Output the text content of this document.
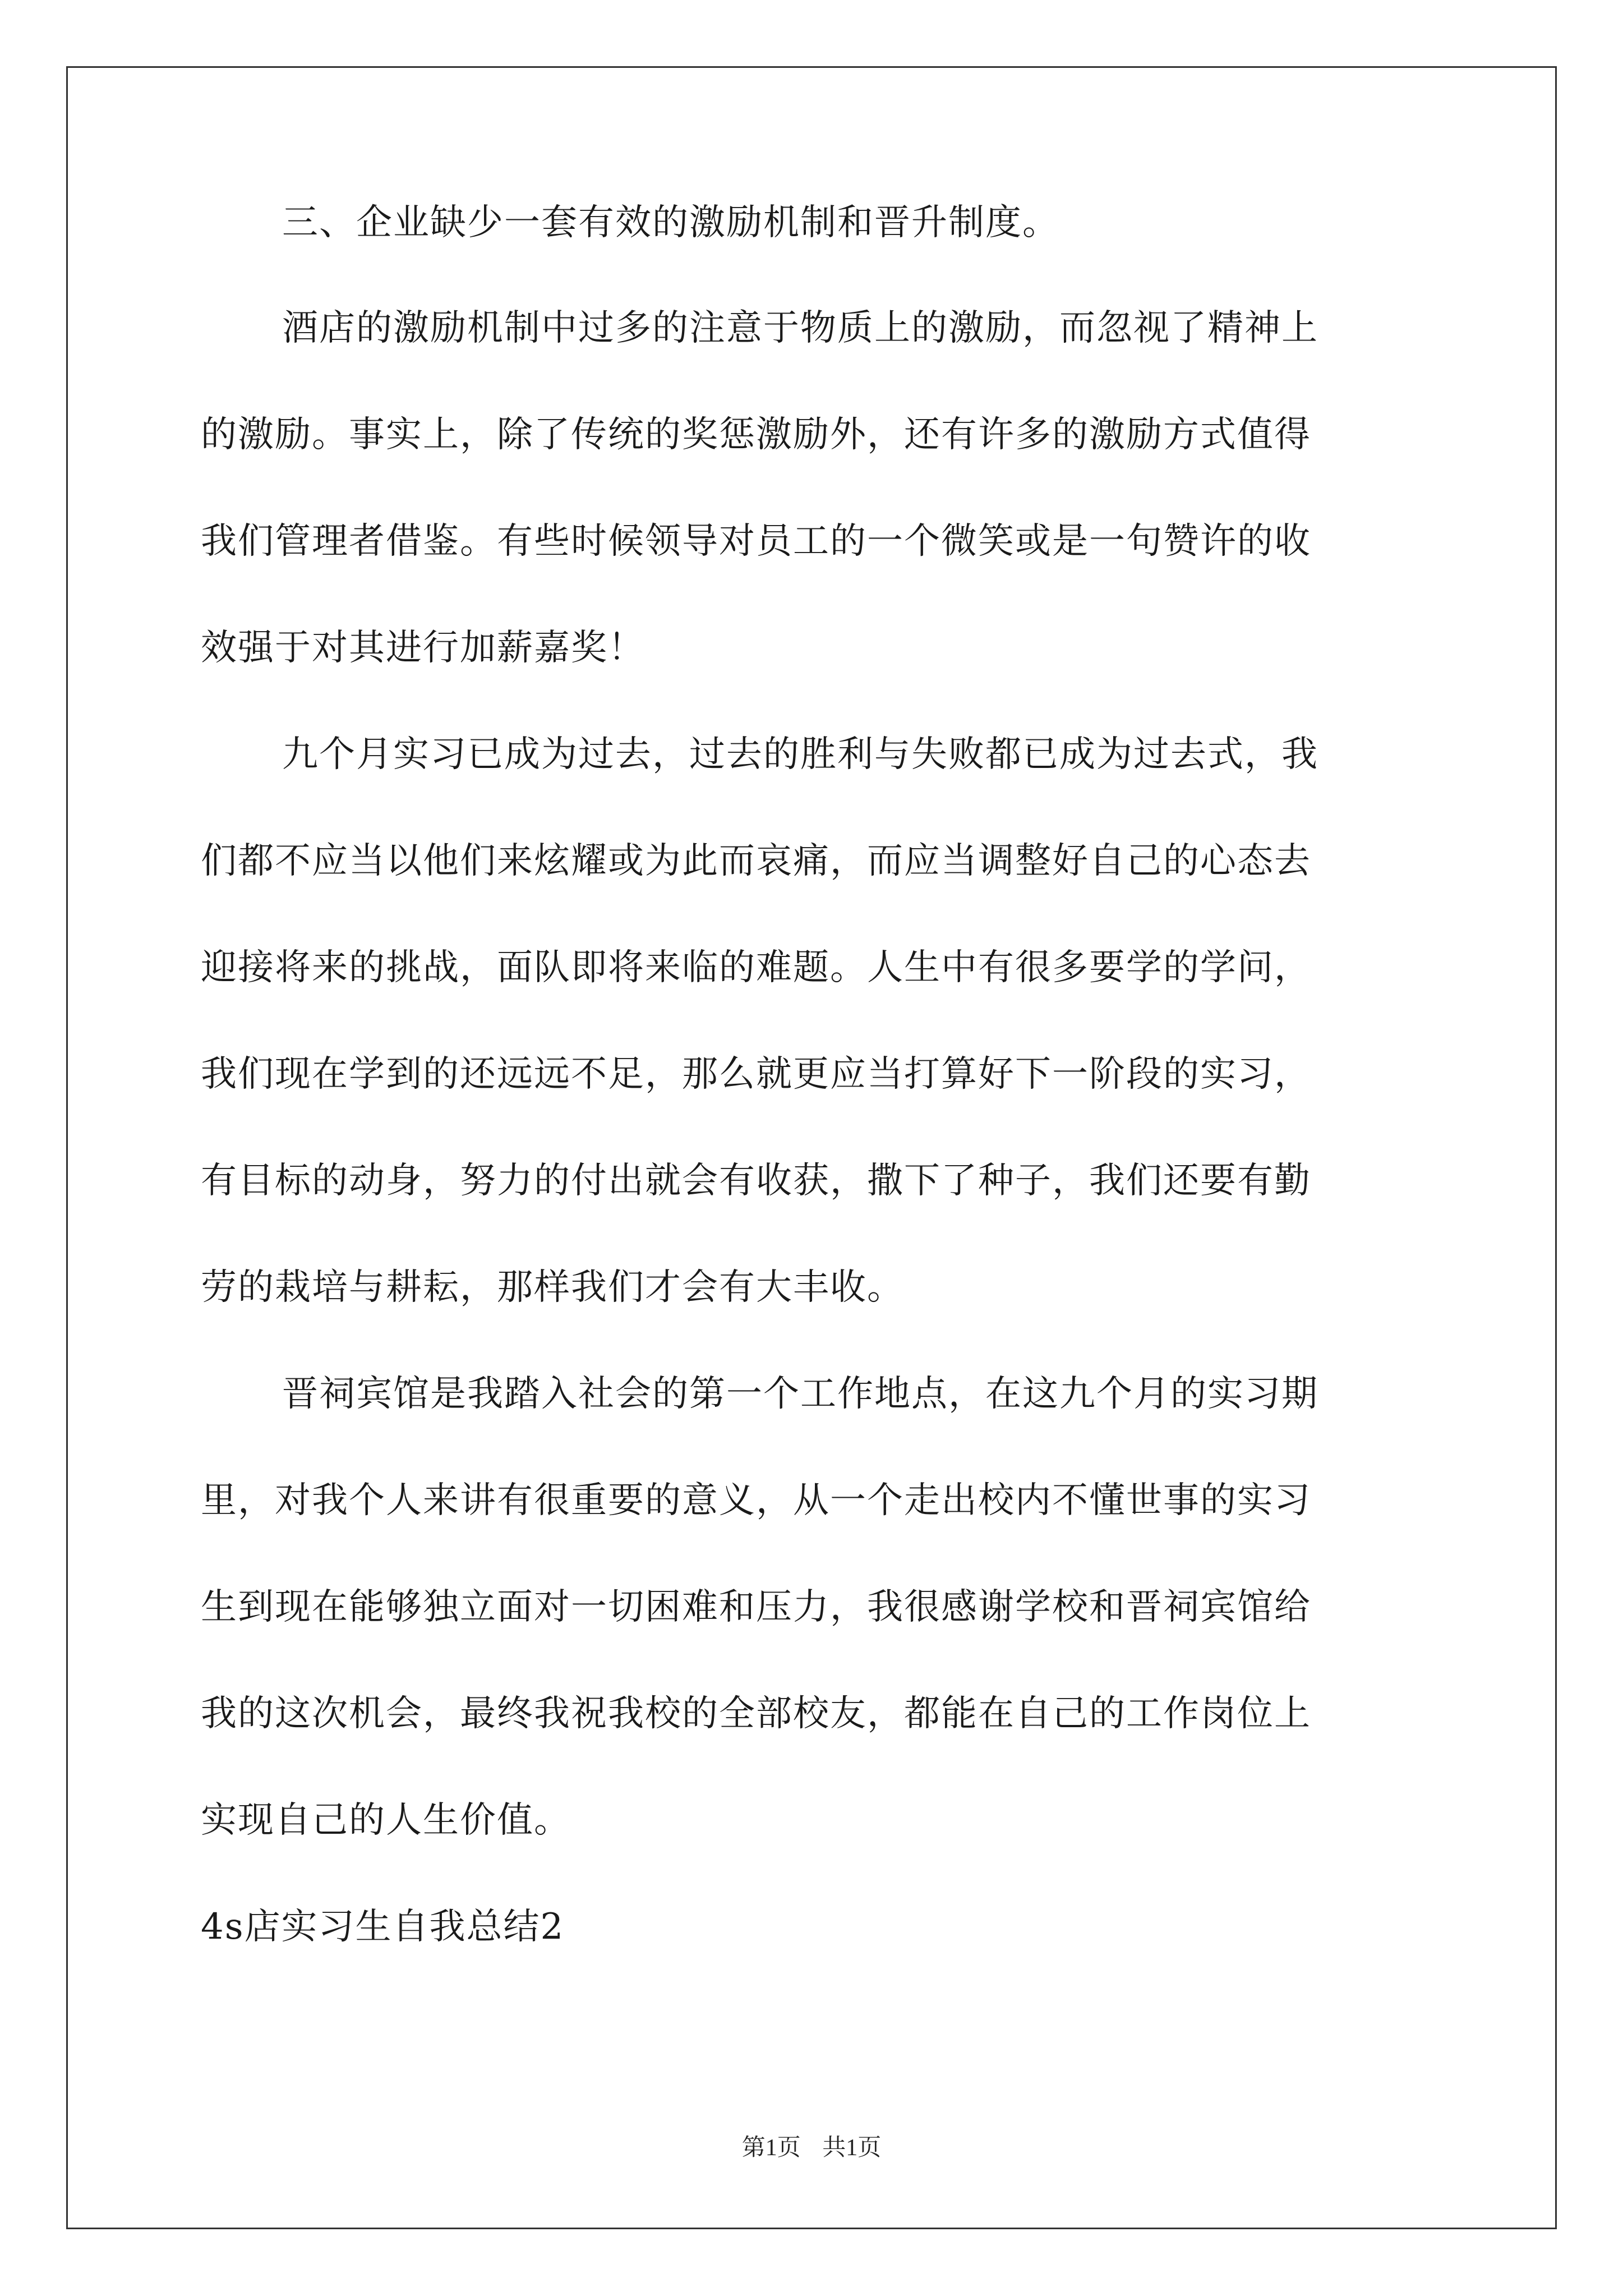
三、企业缺少一套有效的激励机制和晋升制度。
酒店的激励机制中过多的注意于物质上的激励，而忽视了精神上
的激励。事实上，除了传统的奖惩激励外，还有许多的激励方式值得
我们管理者借鉴。有些时候领导对员工的一个微笑或是一句赞许的收
效强于对其进行加薪嘉奖！
九个月实习已成为过去，过去的胜利与失败都已成为过去式，我
们都不应当以他们来炫耀或为此而哀痛，而应当调整好自己的心态去
迎接将来的挑战，面队即将来临的难题。人生中有很多要学的学问，
我们现在学到的还远远不足，那么就更应当打算好下一阶段的实习，
有目标的动身，努力的付出就会有收获，撒下了种子，我们还要有勤
劳的栽培与耕耘，那样我们才会有大丰收。
晋祠宾馆是我踏入社会的第一个工作地点，在这九个月的实习期
里，对我个人来讲有很重要的意义，从一个走出校内不懂世事的实习
生到现在能够独立面对一切困难和压力，我很感谢学校和晋祠宾馆给
我的这次机会，最终我祝我校的全部校友，都能在自己的工作岗位上
实现自己的人生价值。
4s店实习生自我总结2
第1页 共1页
